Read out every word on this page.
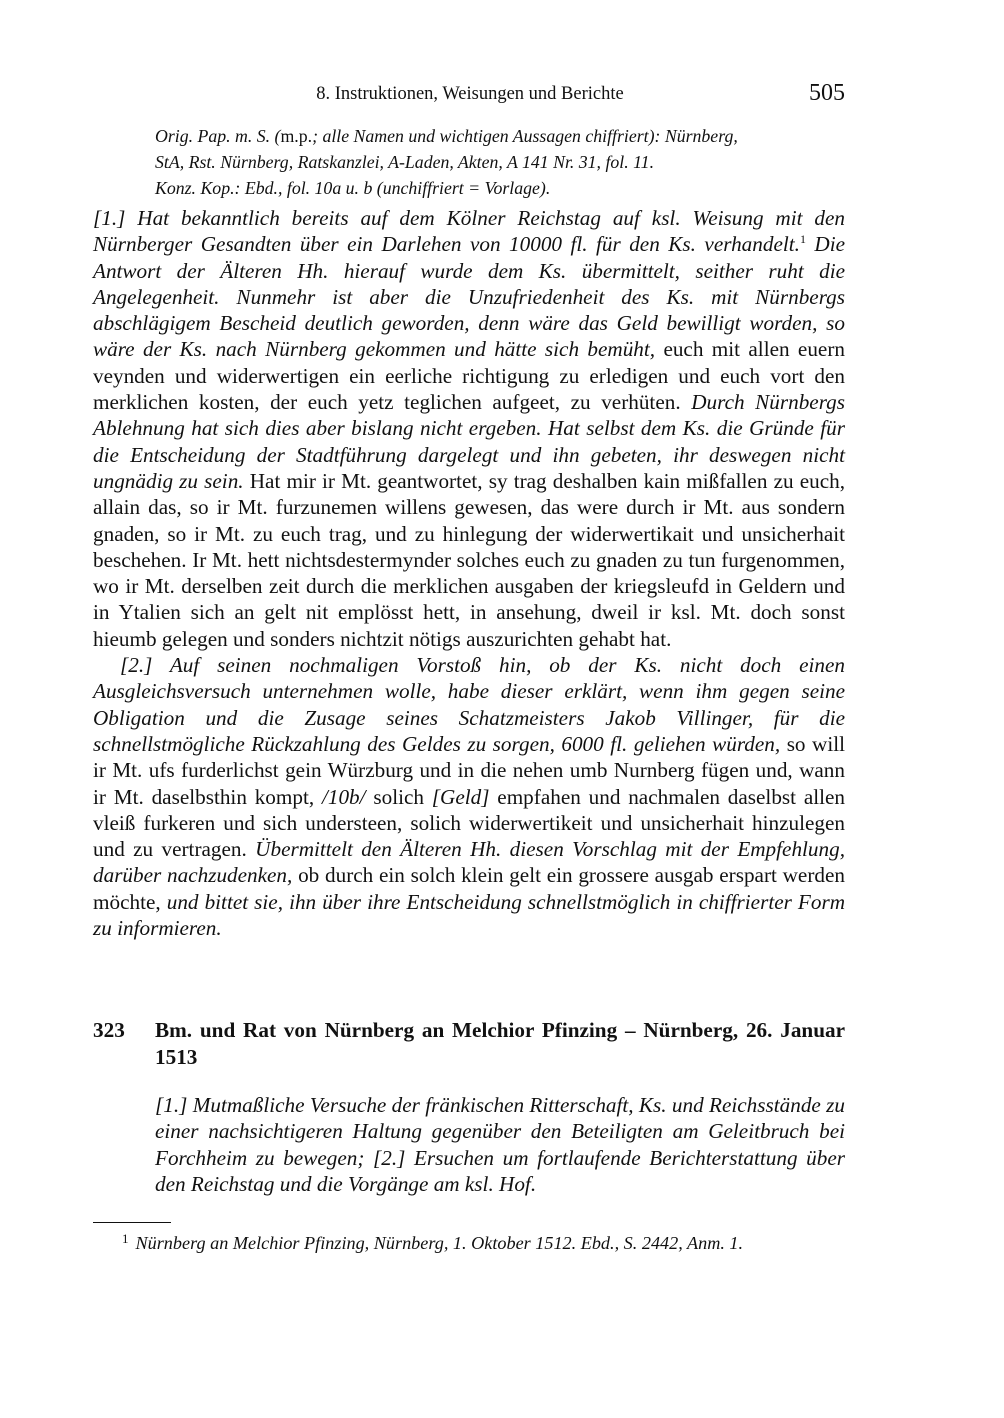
8. Instruktionen, Weisungen und Berichte	505

Orig. Pap. m. S. (m.p.; alle Namen und wichtigen Aussagen chiffriert): Nürnberg,
StA, Rst. Nürnberg, Ratskanzlei, A-Laden, Akten, A 141 Nr. 31, fol. 11.
Konz. Kop.: Ebd., fol. 10a u. b (unchiffriert = Vorlage).

[1.] Hat bekanntlich bereits auf dem Kölner Reichstag auf ksl. Weisung mit den Nürnberger Gesandten über ein Darlehen von 10000 fl. für den Ks. verhandelt.$^1$ Die Antwort der Älteren Hh. hierauf wurde dem Ks. übermittelt, seither ruht die Angelegenheit. Nunmehr ist aber die Unzufriedenheit des Ks. mit Nürnbergs abschlägigem Bescheid deutlich geworden, denn wäre das Geld bewilligt worden, so wäre der Ks. nach Nürnberg gekommen und hätte sich bemüht, euch mit allen euern veynden und widerwertigen ein eerliche richtigung zu erledigen und euch vort den merklichen kosten, der euch yetz teglichen aufgeet, zu verhüten. Durch Nürnbergs Ablehnung hat sich dies aber bislang nicht ergeben. Hat selbst dem Ks. die Gründe für die Entscheidung der Stadtführung dargelegt und ihn gebeten, ihr deswegen nicht ungnädig zu sein. Hat mir ir Mt. geantwortet, sy trag deshalben kain mißfallen zu euch, allain das, so ir Mt. furzunemen willens gewesen, das were durch ir Mt. aus sondern gnaden, so ir Mt. zu euch trag, und zu hinlegung der widerwertikait und unsicherhait beschehen. Ir Mt. hett nichtsdestermynder solches euch zu gnaden zu tun furgenommen, wo ir Mt. derselben zeit durch die merklichen ausgaben der kriegsleufd in Geldern und in Ytalien sich an gelt nit emplösst hett, in ansehung, dweil ir ksl. Mt. doch sonst hieumb gelegen und sonders nichtzit nötigs auszurichten gehabt hat.

[2.] Auf seinen nochmaligen Vorstoß hin, ob der Ks. nicht doch einen Ausgleichsversuch unternehmen wolle, habe dieser erklärt, wenn ihm gegen seine Obligation und die Zusage seines Schatzmeisters Jakob Villinger, für die schnellstmögliche Rückzahlung des Geldes zu sorgen, 6000 fl. geliehen würden, so will ir Mt. ufs furderlichst gein Würzburg und in die nehen umb Nurnberg fügen und, wann ir Mt. daselbsthin kompt, /10b/ solich [Geld] empfahen und nachmalen daselbst allen vleiß furkeren und sich understeen, solich widerwertikeit und unsicherhait hinzulegen und zu vertragen. Übermittelt den Älteren Hh. diesen Vorschlag mit der Empfehlung, darüber nachzudenken, ob durch ein solch klein gelt ein grossere ausgab erspart werden möchte, und bittet sie, ihn über ihre Entscheidung schnellstmöglich in chiffrierter Form zu informieren.

323 Bm. und Rat von Nürnberg an Melchior Pfinzing – Nürnberg, 26. Januar 1513

[1.] Mutmaßliche Versuche der fränkischen Ritterschaft, Ks. und Reichsstände zu einer nachsichtigeren Haltung gegenüber den Beteiligten am Geleitbruch bei Forchheim zu bewegen; [2.] Ersuchen um fortlaufende Berichterstattung über den Reichstag und die Vorgänge am ksl. Hof.

$^1$ Nürnberg an Melchior Pfinzing, Nürnberg, 1. Oktober 1512. Ebd., S. 2442, Anm. 1.
